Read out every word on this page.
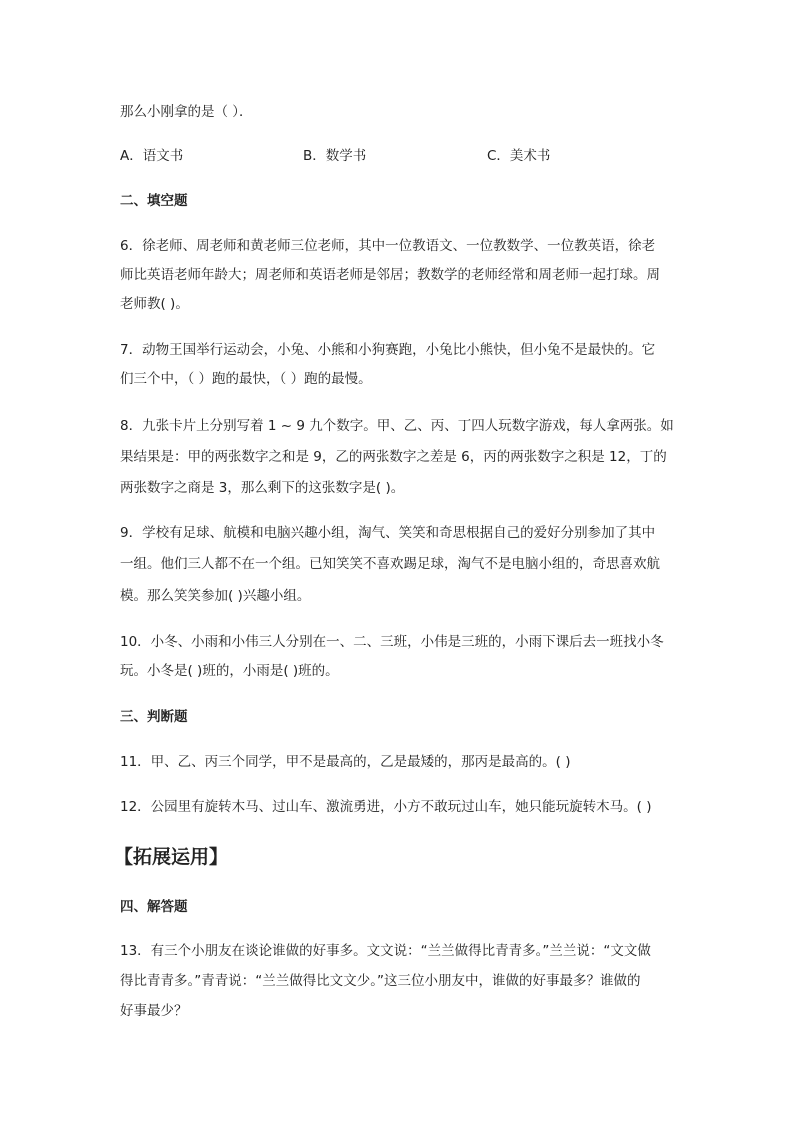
那么小刚拿的是（ ）．
A．语文书	B．数学书	C．美术书
二、填空题
6．徐老师、周老师和黄老师三位老师，其中一位教语文、一位教数学、一位教英语，徐老
师比英语老师年龄大；周老师和英语老师是邻居；教数学的老师经常和周老师一起打球。周
老师教( )。
7．动物王国举行运动会，小兔、小熊和小狗赛跑，小兔比小熊快，但小兔不是最快的。它
们三个中，（ ）跑的最快，（ ）跑的最慢。
8．九张卡片上分别写着 1 ~ 9 九个数字。甲、乙、丙、丁四人玩数字游戏，每人拿两张。如
果结果是：甲的两张数字之和是 9，乙的两张数字之差是 6，丙的两张数字之积是 12，丁的
两张数字之商是 3，那么剩下的这张数字是( )。
9．学校有足球、航模和电脑兴趣小组，淘气、笑笑和奇思根据自己的爱好分别参加了其中
一组。他们三人都不在一个组。已知笑笑不喜欢踢足球，淘气不是电脑小组的，奇思喜欢航
模。那么笑笑参加( )兴趣小组。
10．小冬、小雨和小伟三人分别在一、二、三班，小伟是三班的，小雨下课后去一班找小冬
玩。小冬是( )班的，小雨是( )班的。
三、判断题
11．甲、乙、丙三个同学，甲不是最高的，乙是最矮的，那丙是最高的。( )
12．公园里有旋转木马、过山车、激流勇进，小方不敢玩过山车，她只能玩旋转木马。( )
【拓展运用】
四、解答题
13．有三个小朋友在谈论谁做的好事多。文文说：“兰兰做得比青青多。”兰兰说：“文文做
得比青青多。”青青说：“兰兰做得比文文少。”这三位小朋友中，谁做的好事最多？谁做的
好事最少？
